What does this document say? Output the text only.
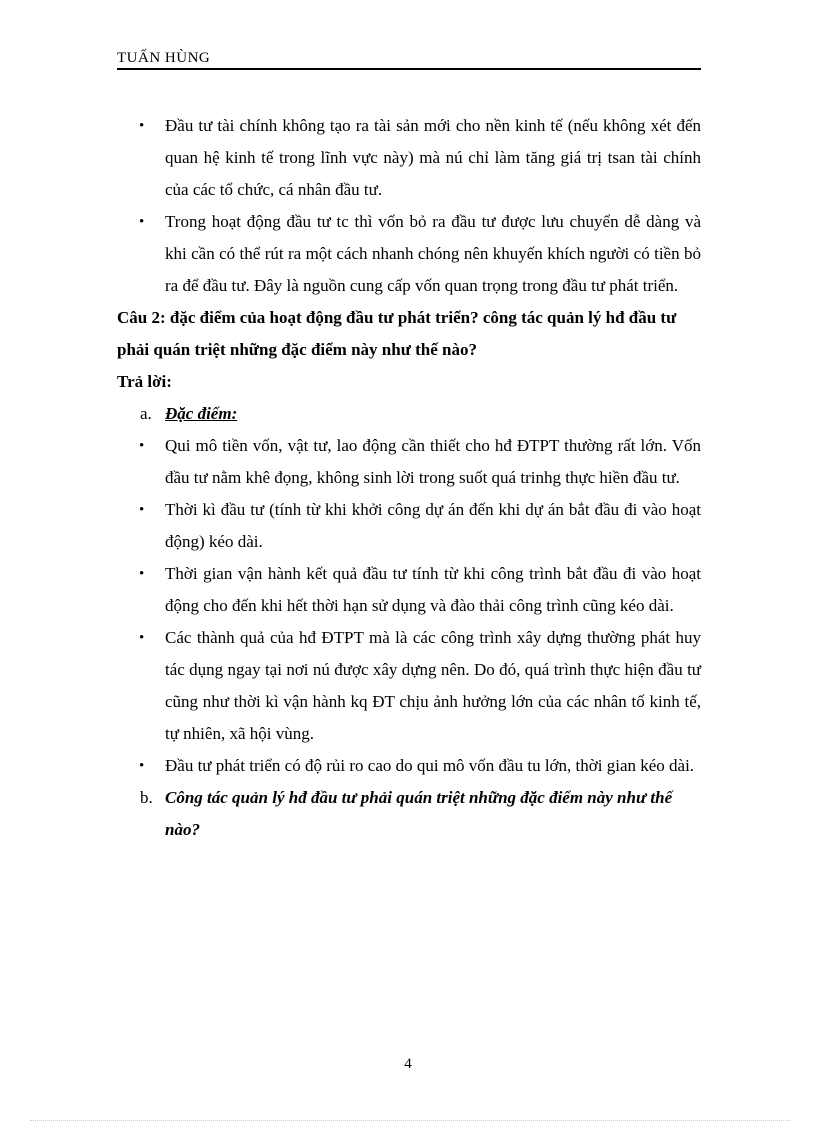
TUẤN HÙNG
• Đầu tư tài chính không tạo ra tài sản mới cho nền kinh tế (nếu không xét đến quan hệ kinh tế trong lĩnh vực này) mà nú chỉ làm tăng giá trị tsan tài chính của các tổ chức, cá nhân đầu tư.
• Trong hoạt động đầu tư tc thì vốn bỏ ra đầu tư được lưu chuyển dễ dàng và khi cần có thể rút ra một cách nhanh chóng nên khuyến khích người có tiền bỏ ra để đầu tư. Đây là nguồn cung cấp vốn quan trọng trong đầu tư phát triển.

Câu 2: đặc điểm của hoạt động đầu tư phát triển? công tác quản lý hđ đầu tư phải quán triệt những đặc điểm này như thế nào?

Trả lời:

a. Đặc điểm:
• Qui mô tiền vốn, vật tư, lao động cần thiết cho hđ ĐTPT thường rất lớn. Vốn đầu tư nằm khê đọng, không sinh lời trong suốt quá trinhg thực hiền đầu tư.
• Thời kì đầu tư (tính từ khi khởi công dự án đến khi dự án bắt đầu đi vào hoạt động) kéo dài.
• Thời gian vận hành kết quả đầu tư tính từ khi công trình bắt đầu đi vào hoạt động cho đến khi hết thời hạn sử dụng và đào thải công trình cũng kéo dài.
• Các thành quả của hđ ĐTPT mà là các công trình xây dựng thường phát huy tác dụng ngay tại nơi nú được xây dựng nên. Do đó, quá trình thực hiện đầu tư cũng như thời kì vận hành kq ĐT chịu ảnh hưởng lớn của các nhân tố kinh tế, tự nhiên, xã hội vùng.
• Đầu tư phát triển có độ rủi ro cao do qui mô vốn đầu tu lớn, thời gian kéo dài.
b. Công tác quản lý hđ đầu tư phải quán triệt những đặc điểm này như thế nào?
4
